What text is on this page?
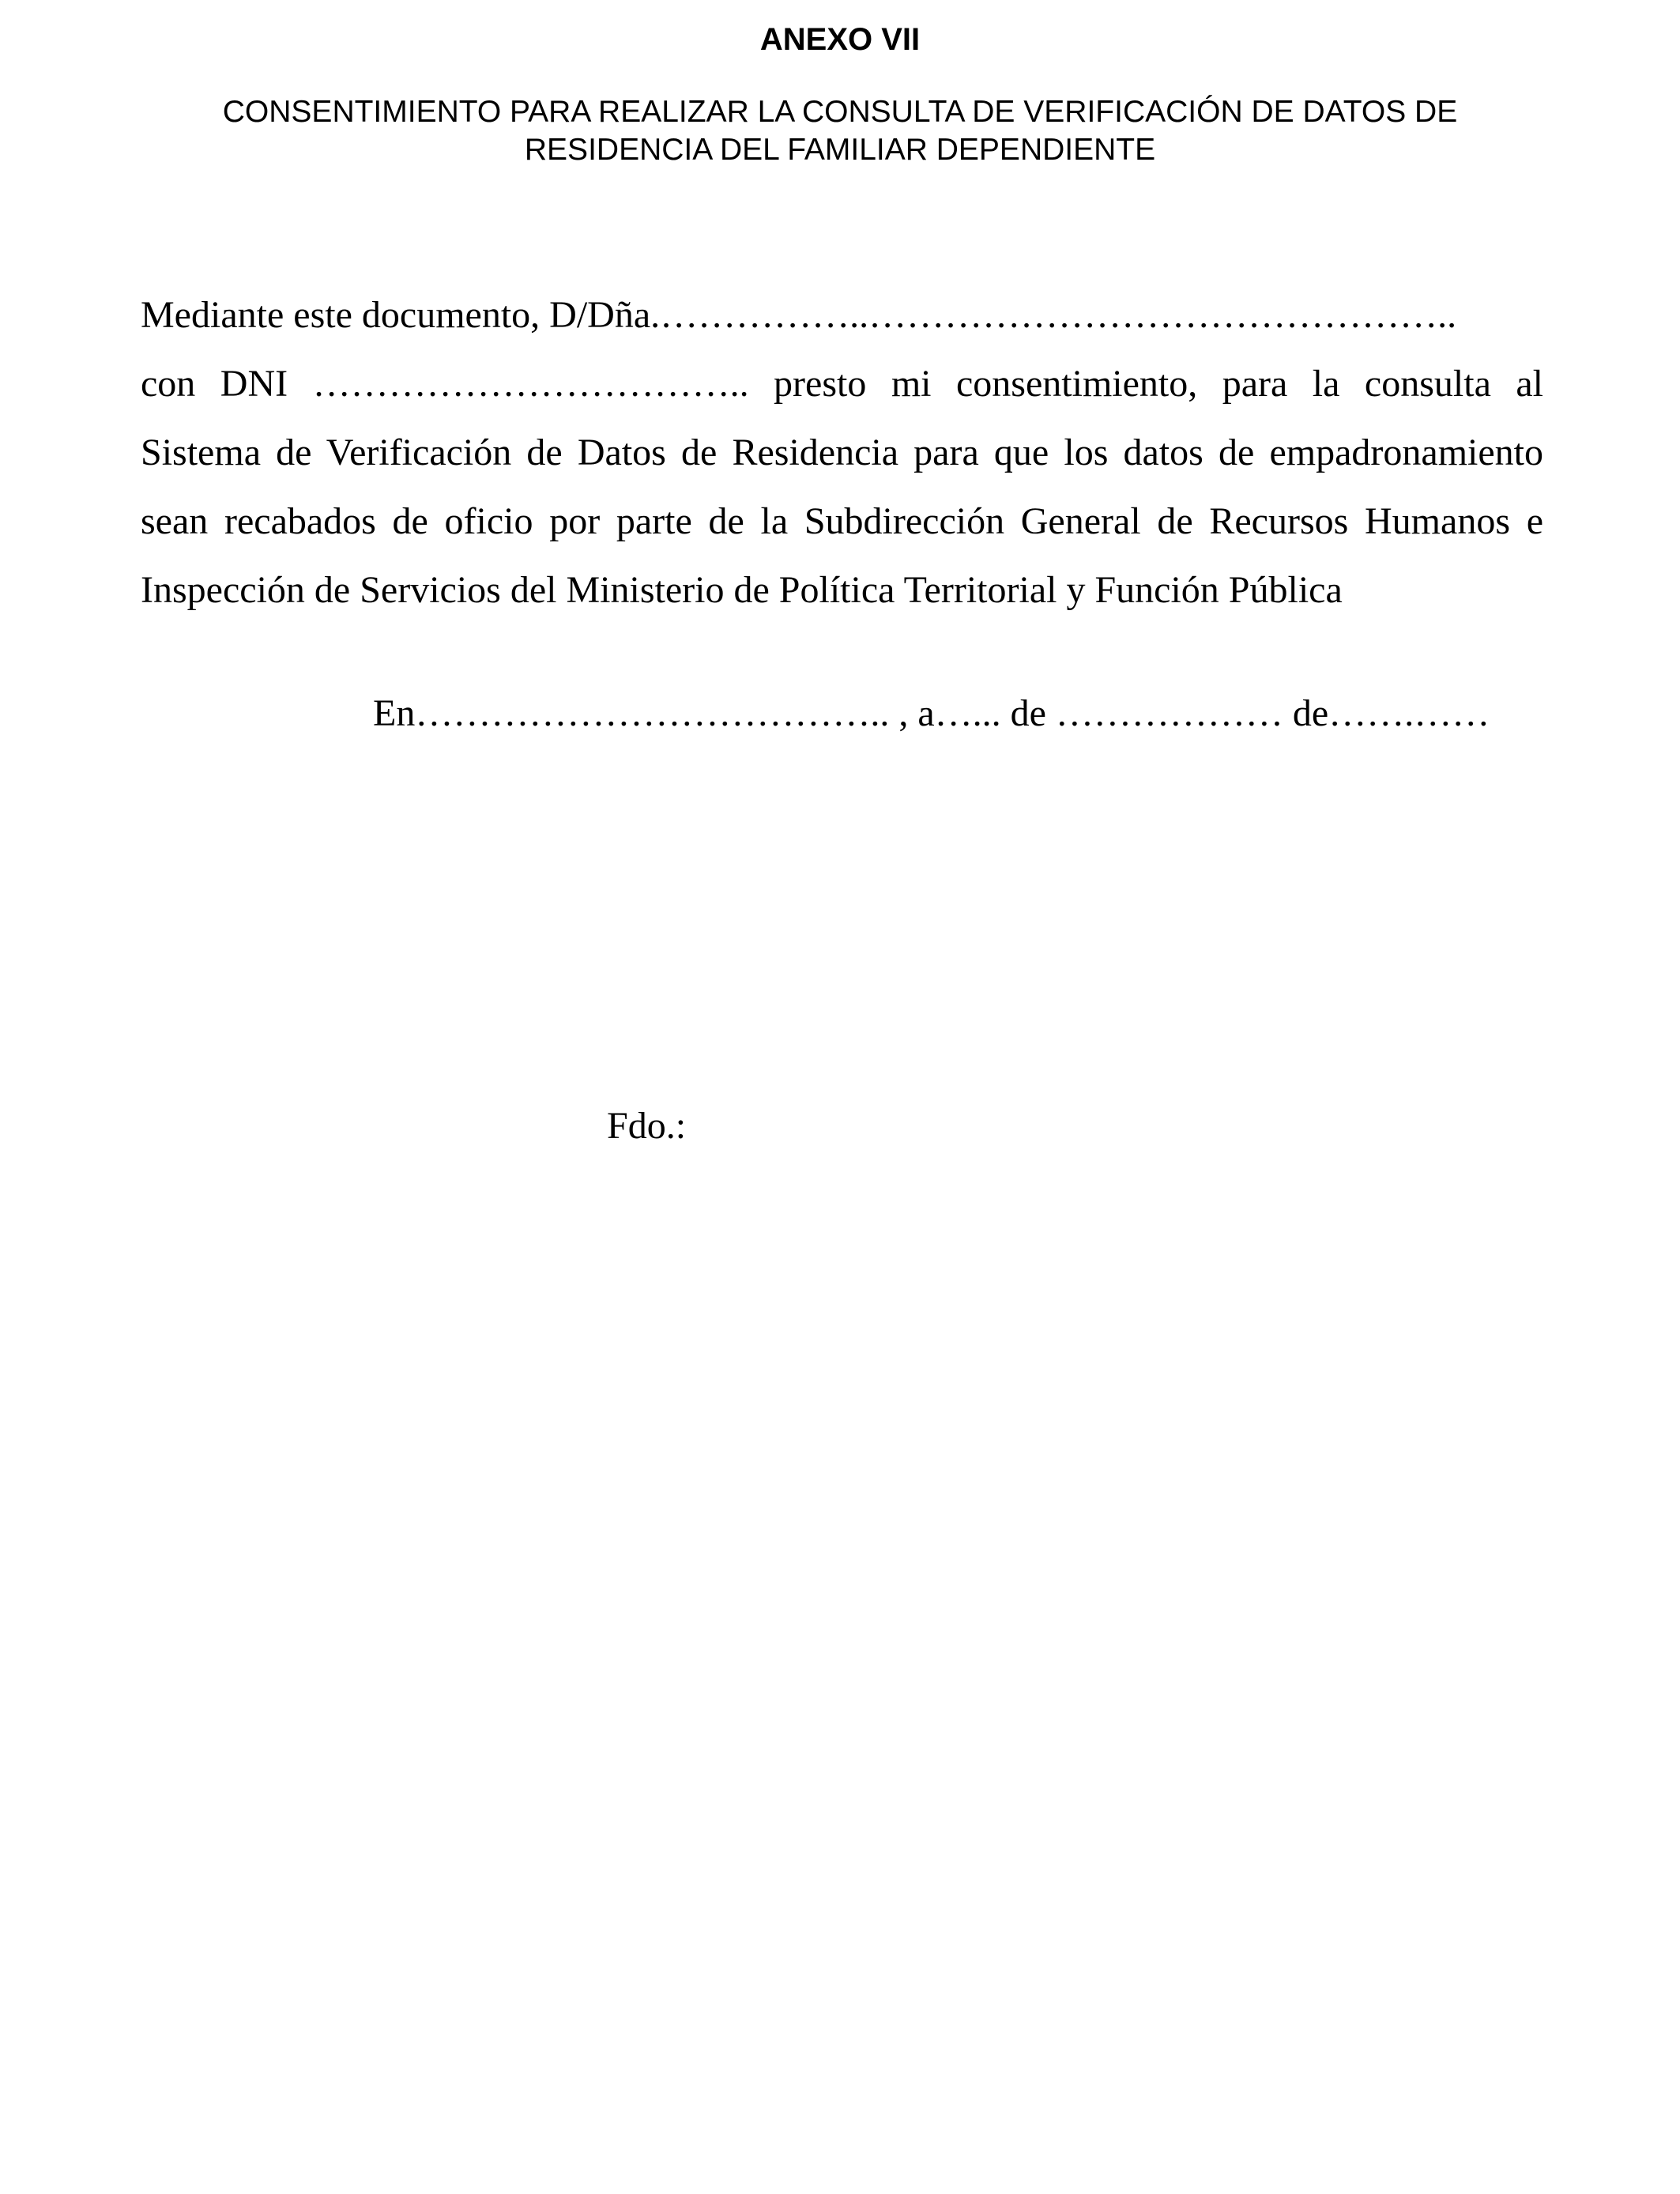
ANEXO VII
CONSENTIMIENTO PARA REALIZAR LA CONSULTA DE VERIFICACIÓN DE DATOS DE
RESIDENCIA DEL FAMILIAR DEPENDIENTE
Mediante este documento, D/Dña.……………..………………………………………..
con DNI …………………………….. presto mi consentimiento, para la consulta al
Sistema de Verificación de Datos de Residencia para que los datos de empadronamiento
sean recabados de oficio por parte de la Subdirección General de Recursos Humanos e
Inspección de Servicios del Ministerio de Política Territorial y Función Pública
En……………………………….. , a…... de ……………… de…….……
Fdo.:
